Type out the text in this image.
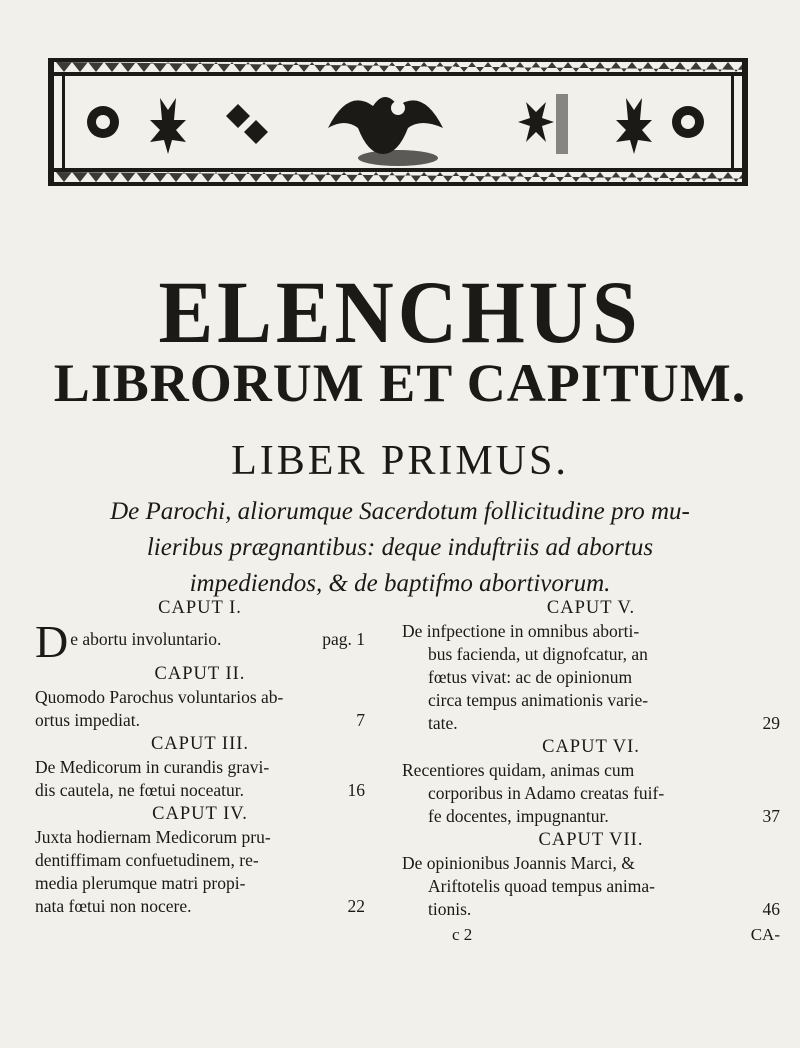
ELENCHUS
LIBRORUM ET CAPITUM.
LIBER PRIMUS.
De Parochi, aliorumque Sacerdotum follicitudine pro mu-
lieribus prægnantibus: deque induftriis ad abortus
impediendos, & de baptifmo abortivorum.
CAPUT I.
D e abortu involuntario.	pag. 1
CAPUT II.
Quomodo Parochus voluntarios ab-
ortus impediat.	7
CAPUT III.
De Medicorum in curandis gravi-
dis cautela, ne fœtui noceatur.	16
CAPUT IV.
Juxta hodiernam Medicorum pru-
dentiffimam confuetudinem, re-
media plerumque matri propi-
nata fœtui non nocere.	22
CAPUT V.
De infpectione in omnibus aborti-
bus facienda, ut dignofcatur, an
fœtus vivat: ac de opinionum
circa tempus animationis varie-
tate.	29
CAPUT VI.
Recentiores quidam, animas cum
corporibus in Adamo creatas fuif-
fe docentes, impugnantur.	37
CAPUT VII.
De opinionibus Joannis Marci, &
Ariftotelis quoad tempus anima-
tionis.	46
c 2	CA-
